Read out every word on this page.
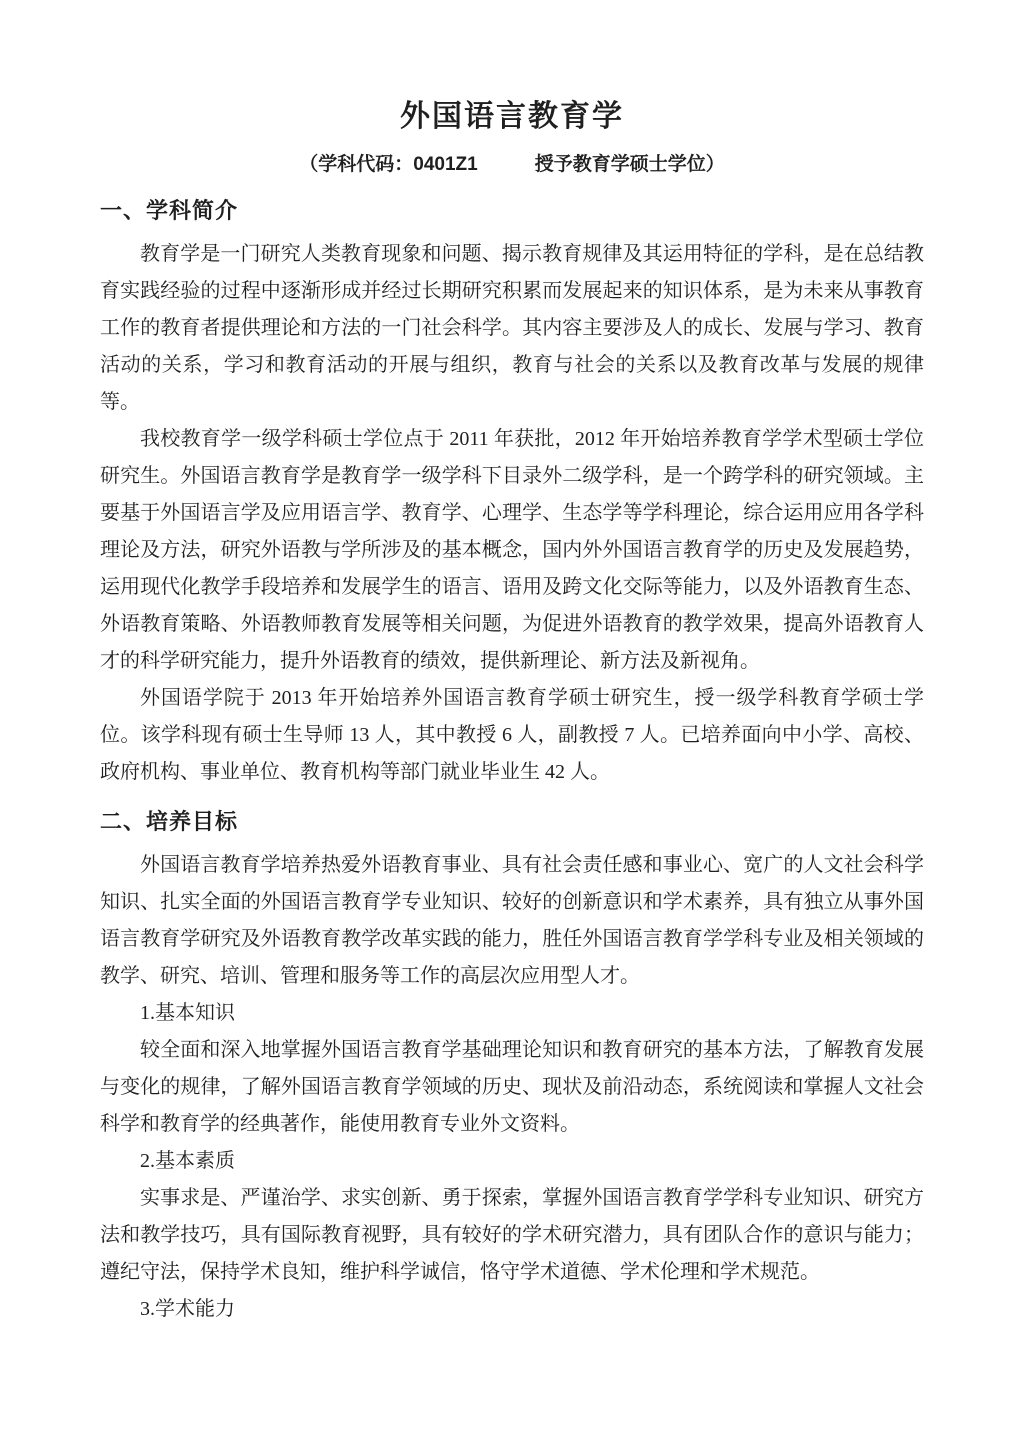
外国语言教育学

（学科代码：0401Z1　　　授予教育学硕士学位）

一、学科简介

教育学是一门研究人类教育现象和问题、揭示教育规律及其运用特征的学科，是在总结教育实践经验的过程中逐渐形成并经过长期研究积累而发展起来的知识体系，是为未来从事教育工作的教育者提供理论和方法的一门社会科学。其内容主要涉及人的成长、发展与学习、教育活动的关系，学习和教育活动的开展与组织，教育与社会的关系以及教育改革与发展的规律等。

我校教育学一级学科硕士学位点于 2011 年获批，2012 年开始培养教育学学术型硕士学位研究生。外国语言教育学是教育学一级学科下目录外二级学科，是一个跨学科的研究领域。主要基于外国语言学及应用语言学、教育学、心理学、生态学等学科理论，综合运用应用各学科理论及方法，研究外语教与学所涉及的基本概念，国内外外国语言教育学的历史及发展趋势，运用现代化教学手段培养和发展学生的语言、语用及跨文化交际等能力，以及外语教育生态、外语教育策略、外语教师教育发展等相关问题，为促进外语教育的教学效果，提高外语教育人才的科学研究能力，提升外语教育的绩效，提供新理论、新方法及新视角。

外国语学院于 2013 年开始培养外国语言教育学硕士研究生，授一级学科教育学硕士学位。该学科现有硕士生导师 13 人，其中教授 6 人，副教授 7 人。已培养面向中小学、高校、政府机构、事业单位、教育机构等部门就业毕业生 42 人。

二、培养目标

外国语言教育学培养热爱外语教育事业、具有社会责任感和事业心、宽广的人文社会科学知识、扎实全面的外国语言教育学专业知识、较好的创新意识和学术素养，具有独立从事外国语言教育学研究及外语教育教学改革实践的能力，胜任外国语言教育学学科专业及相关领域的教学、研究、培训、管理和服务等工作的高层次应用型人才。

1.基本知识

较全面和深入地掌握外国语言教育学基础理论知识和教育研究的基本方法，了解教育发展与变化的规律，了解外国语言教育学领域的历史、现状及前沿动态，系统阅读和掌握人文社会科学和教育学的经典著作，能使用教育专业外文资料。

2.基本素质

实事求是、严谨治学、求实创新、勇于探索，掌握外国语言教育学学科专业知识、研究方法和教学技巧，具有国际教育视野，具有较好的学术研究潜力，具有团队合作的意识与能力；遵纪守法，保持学术良知，维护科学诚信，恪守学术道德、学术伦理和学术规范。

3.学术能力
